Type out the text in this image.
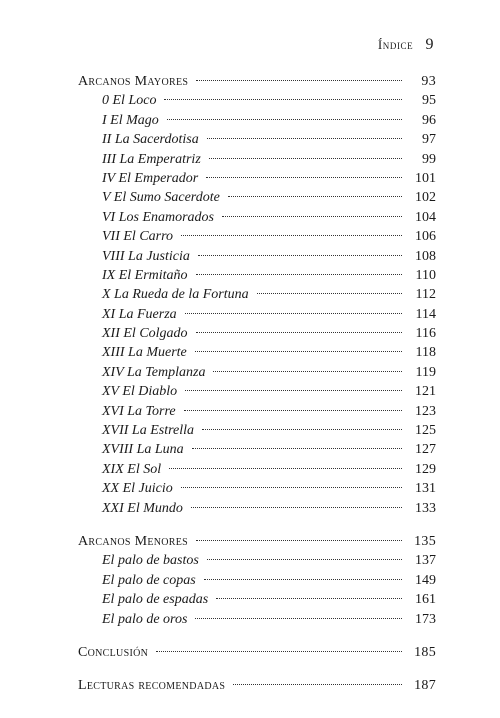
Índice 9
Arcanos Mayores	93
0 El Loco	95
I El Mago	96
II La Sacerdotisa	97
III La Emperatriz	99
IV El Emperador	101
V El Sumo Sacerdote	102
VI Los Enamorados	104
VII El Carro	106
VIII La Justicia	108
IX El Ermitaño	110
X La Rueda de la Fortuna	112
XI La Fuerza	114
XII El Colgado	116
XIII La Muerte	118
XIV La Templanza	119
XV El Diablo	121
XVI La Torre	123
XVII La Estrella	125
XVIII La Luna	127
XIX El Sol	129
XX El Juicio	131
XXI El Mundo	133
Arcanos Menores	135
El palo de bastos	137
El palo de copas	149
El palo de espadas	161
El palo de oros	173
Conclusión	185
Lecturas recomendadas	187
